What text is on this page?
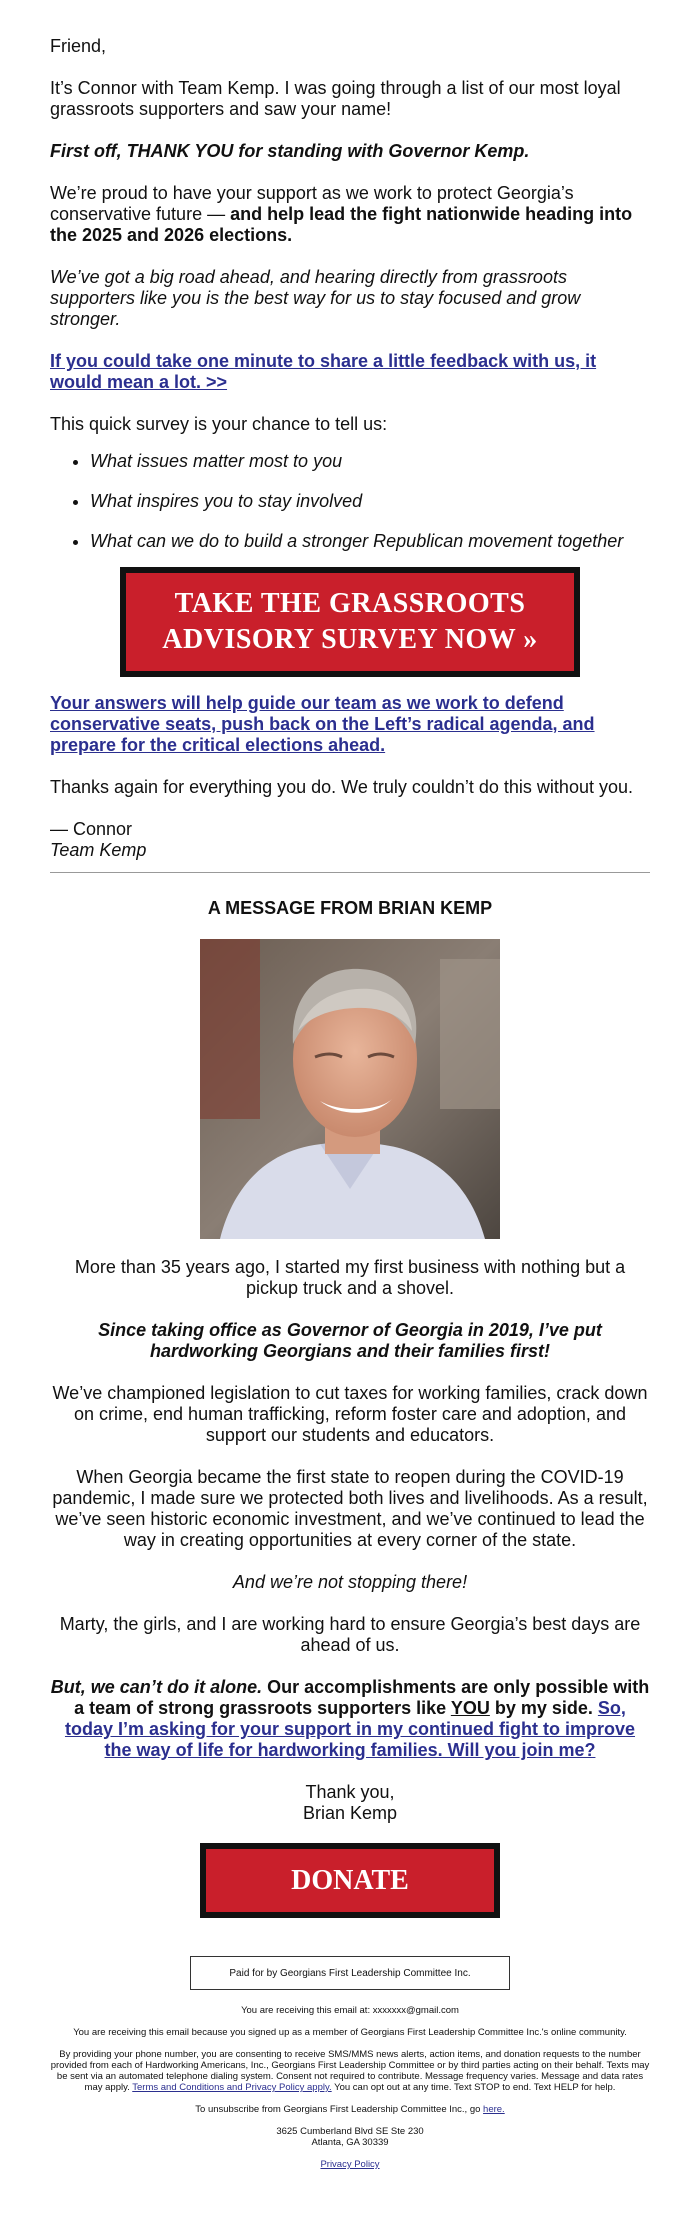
Friend,

It’s Connor with Team Kemp. I was going through a list of our most loyal grassroots supporters and saw your name!

First off, THANK YOU for standing with Governor Kemp.

We’re proud to have your support as we work to protect Georgia’s conservative future — and help lead the fight nationwide heading into the 2025 and 2026 elections.

We’ve got a big road ahead, and hearing directly from grassroots supporters like you is the best way for us to stay focused and grow stronger.

If you could take one minute to share a little feedback with us, it would mean a lot. >>

This quick survey is your chance to tell us:

• What issues matter most to you
• What inspires you to stay involved
• What can we do to build a stronger Republican movement together
TAKE THE GRASSROOTS
ADVISORY SURVEY NOW »
Your answers will help guide our team as we work to defend conservative seats, push back on the Left’s radical agenda, and prepare for the critical elections ahead.

Thanks again for everything you do. We truly couldn’t do this without you.

— Connor

Team Kemp

A MESSAGE FROM BRIAN KEMP

More than 35 years ago, I started my first business with nothing but a pickup truck and a shovel.

Since taking office as Governor of Georgia in 2019, I’ve put hardworking Georgians and their families first!

We’ve championed legislation to cut taxes for working families, crack down on crime, end human trafficking, reform foster care and adoption, and support our students and educators.

When Georgia became the first state to reopen during the COVID-19 pandemic, I made sure we protected both lives and livelihoods. As a result, we’ve seen historic economic investment, and we’ve continued to lead the way in creating opportunities at every corner of the state.

And we’re not stopping there!

Marty, the girls, and I are working hard to ensure Georgia’s best days are ahead of us.

But, we can’t do it alone. Our accomplishments are only possible with a team of strong grassroots supporters like YOU by my side. So, today I’m asking for your support in my continued fight to improve the way of life for hardworking families. Will you join me?

Thank you,

Brian Kemp

DONATE
Paid for by Georgians First Leadership Committee Inc.

You are receiving this email at: xxxxxxx@gmail.com

You are receiving this email because you signed up as a member of Georgians First Leadership Committee Inc.'s online community.

By providing your phone number, you are consenting to receive SMS/MMS news alerts, action items, and donation requests to the number provided from each of Hardworking Americans, Inc., Georgians First Leadership Committee or by third parties acting on their behalf. Texts may be sent via an automated telephone dialing system. Consent not required to contribute. Message frequency varies. Message and data rates may apply. Terms and Conditions and Privacy Policy apply. You can opt out at any time. Text STOP to end. Text HELP for help.

To unsubscribe from Georgians First Leadership Committee Inc., go here.

3625 Cumberland Blvd SE Ste 230

Atlanta, GA 30339

Privacy Policy
